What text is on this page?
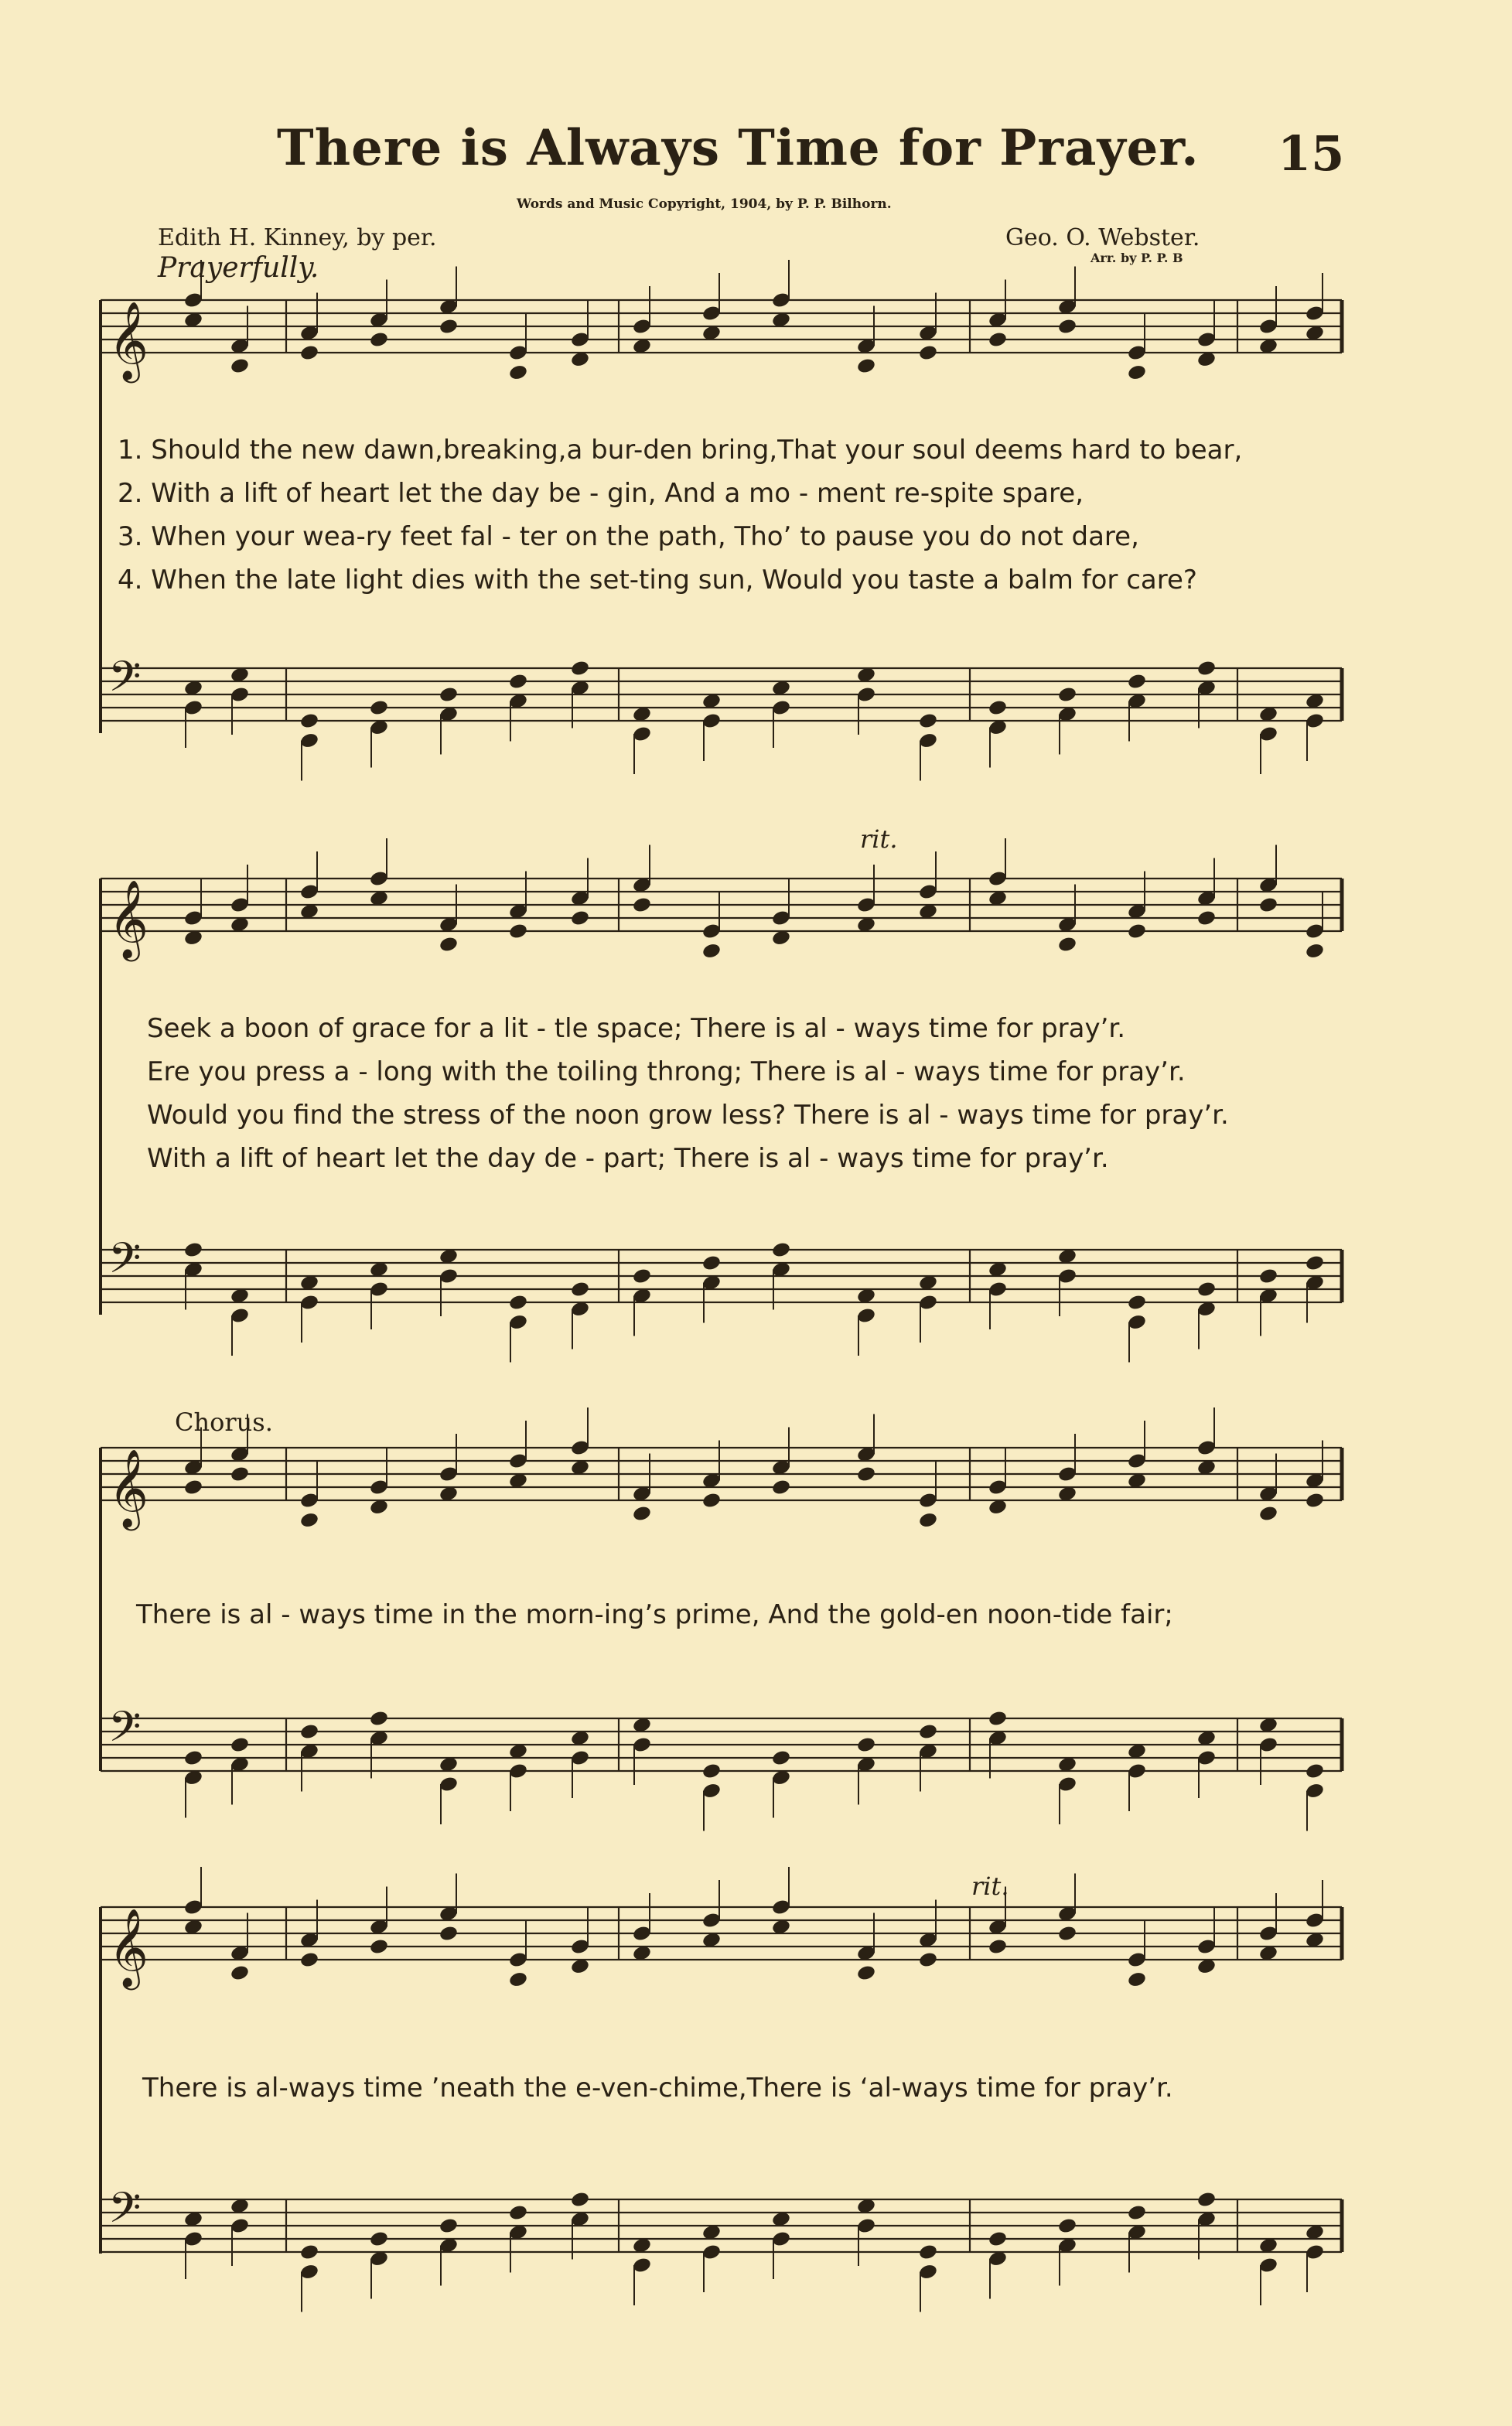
There is Always Time for Prayer. 15
Words and Music Copyright, 1904, by P. P. Bilhorn.
Edith H. Kinney, by per.	Geo. O. Webster.
Arr. by P. P. B
Prayerfully.
1. Should the new dawn,breaking,a bur-den bring,That your soul deems hard to bear,
2. With a lift of heart let the day be - gin, And a mo - ment re-spite spare,
3. When your wea-ry feet fal - ter on the path, Tho’ to pause you do not dare,
4. When the late light dies with the set-ting sun, Would you taste a balm for care?
rit.
Seek a boon of grace for a lit - tle space; There is al - ways time for pray’r.
Ere you press a - long with the toiling throng; There is al - ways time for pray’r.
Would you find the stress of the noon grow less? There is al - ways time for pray’r.
With a lift of heart let the day de - part; There is al - ways time for pray’r.
Chorus.
There is al - ways time in the morn-ing’s prime, And the gold-en noon-tide fair;
rit.
There is al-ways time ’neath the e-ven-chime,There is ‘al-ways time for pray’r.
𝄞
𝄢
𝄞
𝄢
𝄞
𝄢
𝄞
𝄢
